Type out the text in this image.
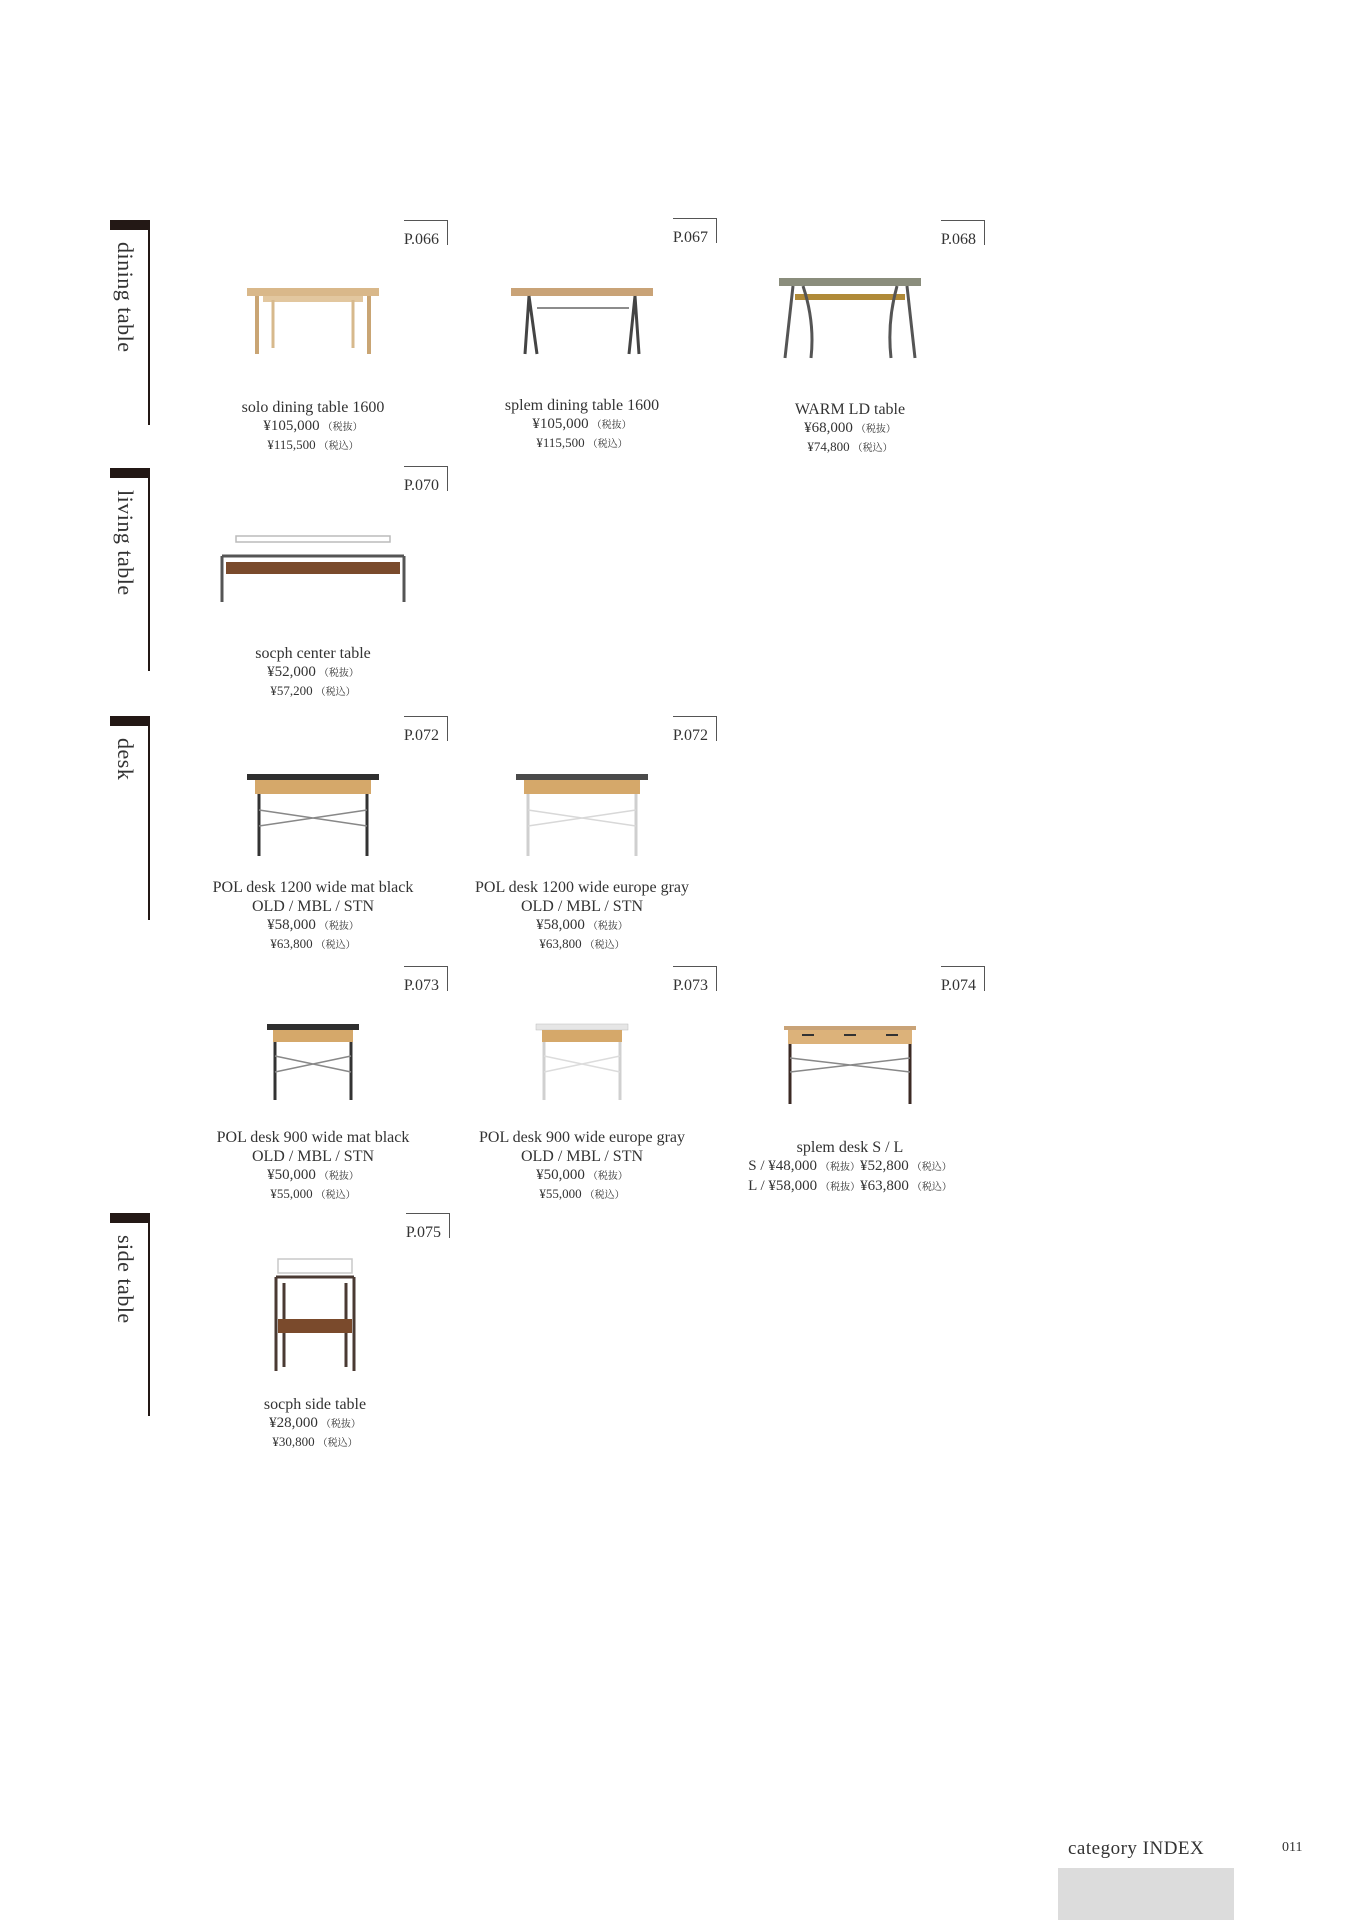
dining table
living table
desk
side table
P.066
solo dining table 1600
¥105,000 （税抜）
¥115,500 （税込）
P.067
splem dining table 1600
¥105,000 （税抜）
¥115,500 （税込）
P.068
WARM LD table
¥68,000 （税抜）
¥74,800 （税込）
P.070
socph center table
¥52,000 （税抜）
¥57,200 （税込）
P.072
POL desk 1200 wide mat black
OLD / MBL / STN
¥58,000 （税抜）
¥63,800 （税込）
P.072
POL desk 1200 wide europe gray
OLD / MBL / STN
¥58,000 （税抜）
¥63,800 （税込）
P.073
POL desk 900 wide mat black
OLD / MBL / STN
¥50,000 （税抜）
¥55,000 （税込）
P.073
POL desk 900 wide europe gray
OLD / MBL / STN
¥50,000 （税抜）
¥55,000 （税込）
P.074
splem desk S / L
S / ¥48,000 （税抜）¥52,800 （税込）
L / ¥58,000 （税抜）¥63,800 （税込）
P.075
socph side table
¥28,000 （税抜）
¥30,800 （税込）
category INDEX	011
